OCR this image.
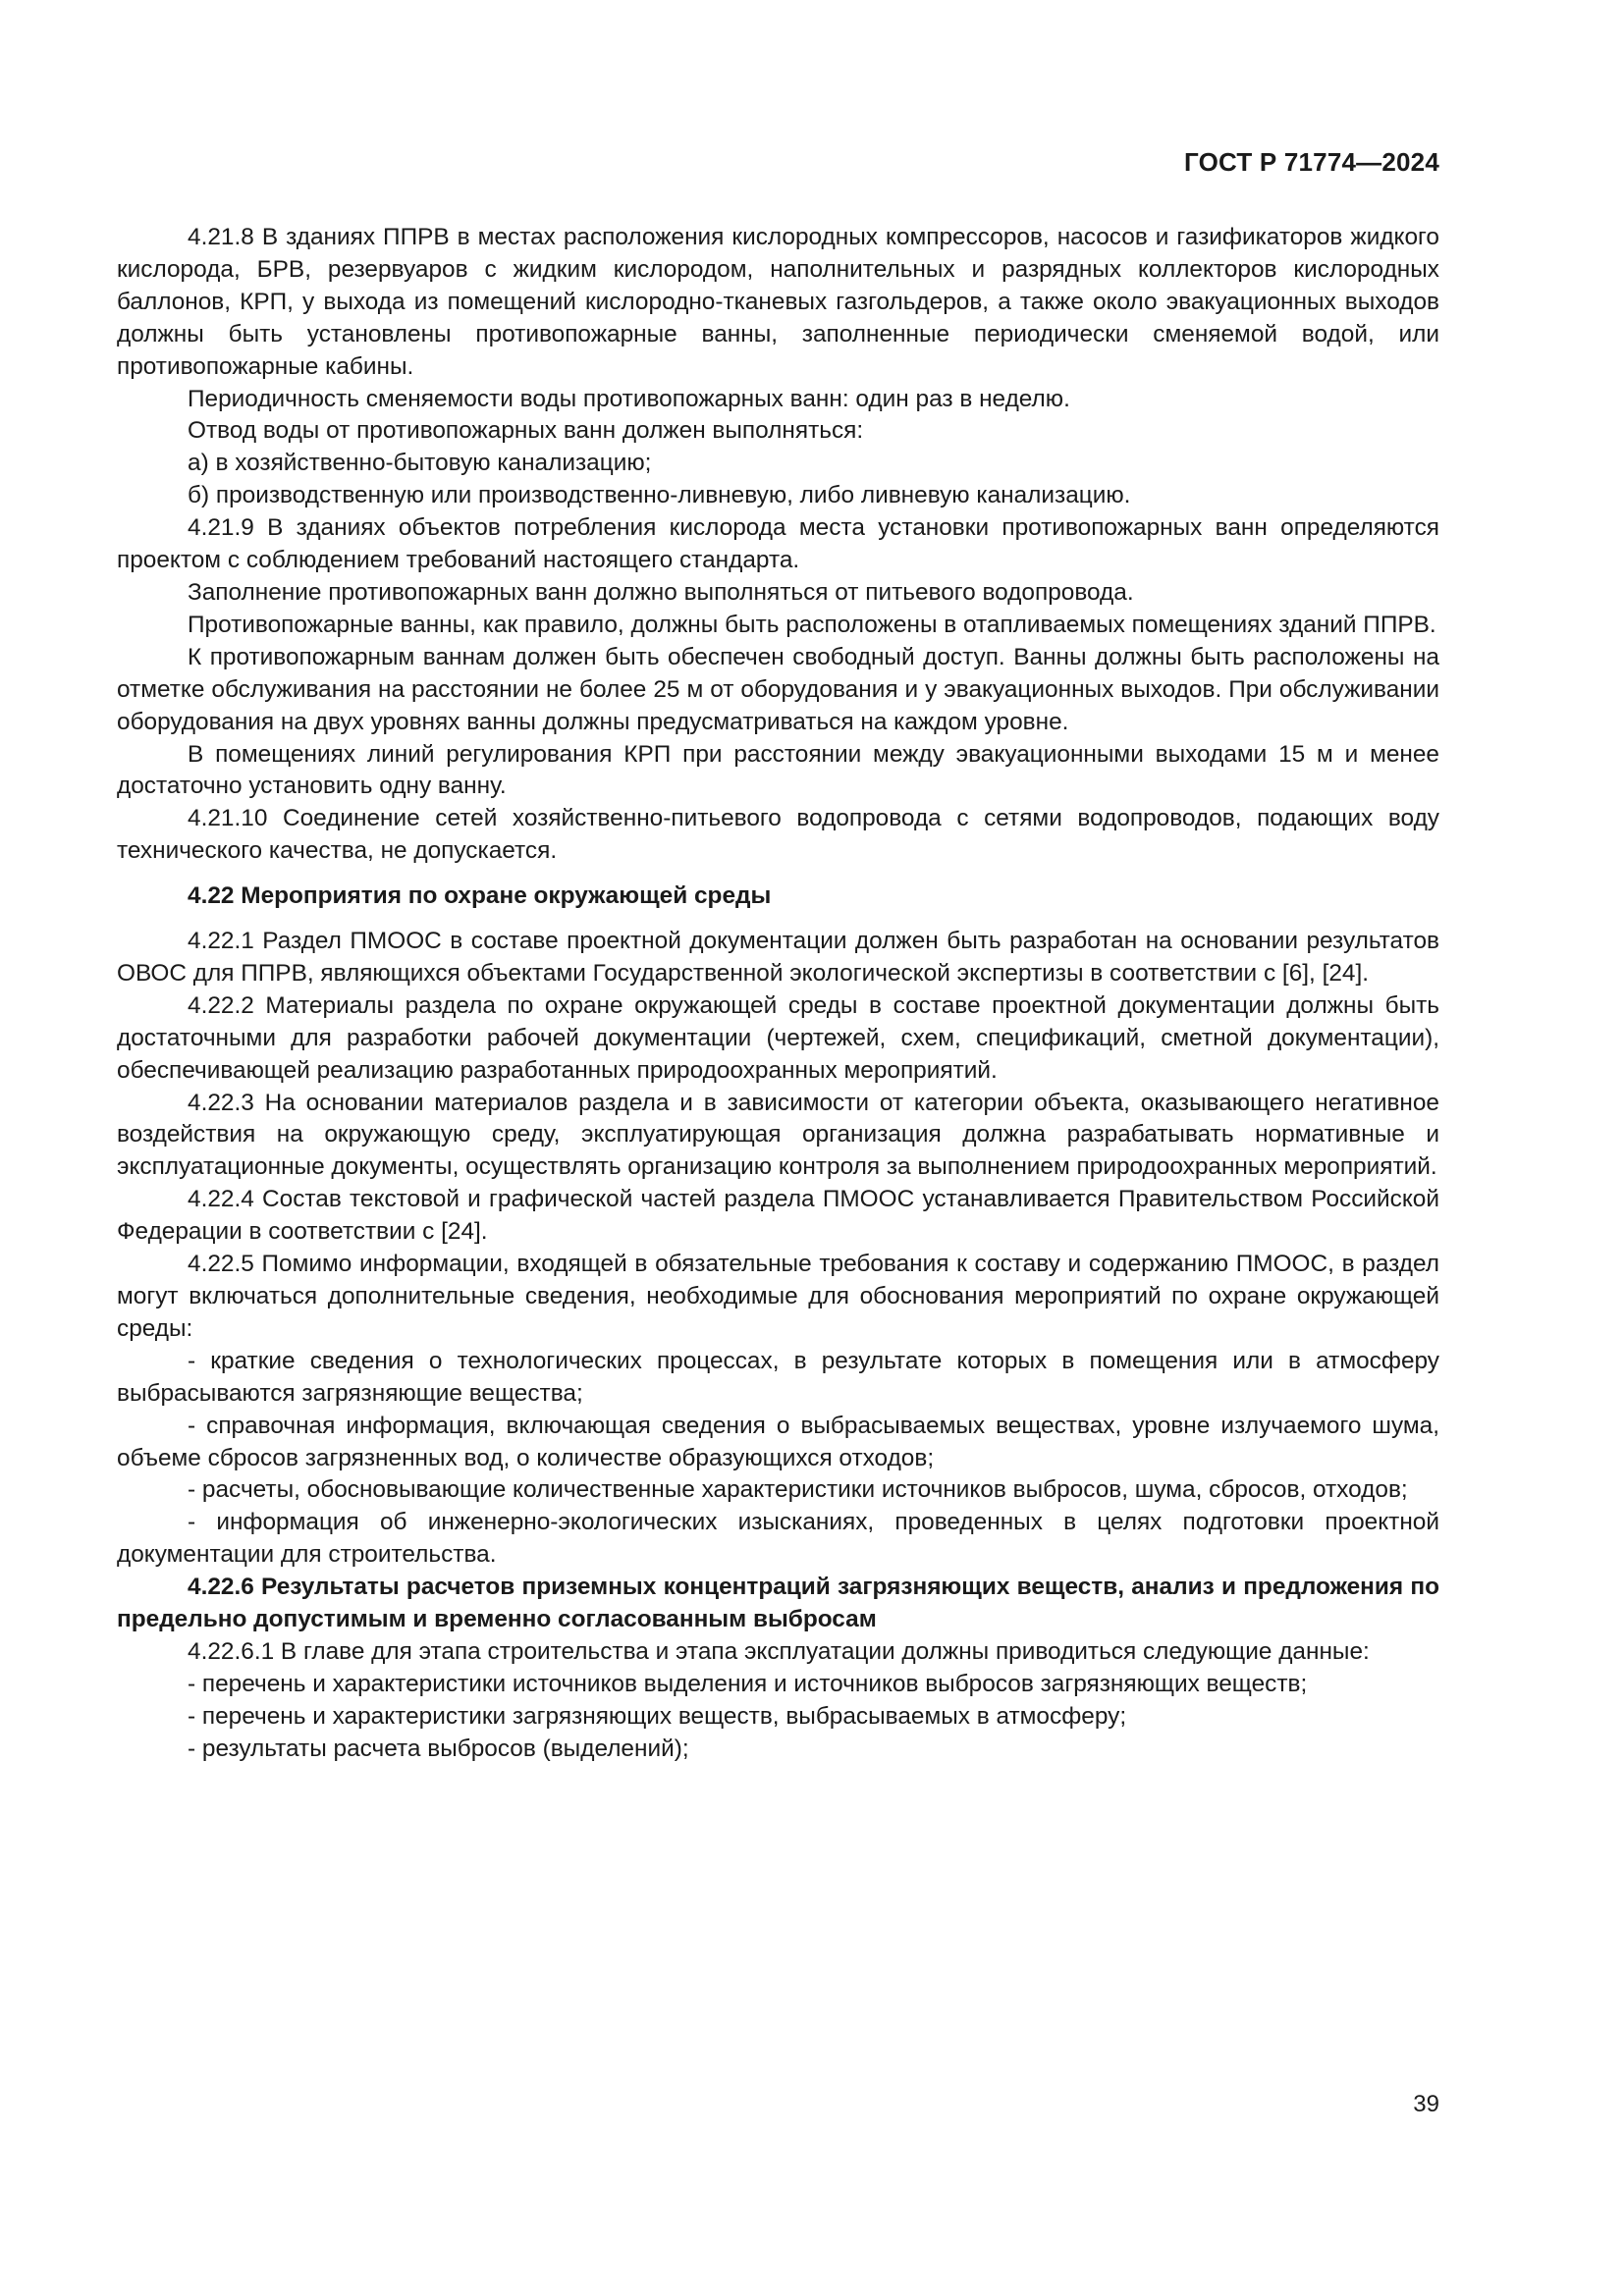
ГОСТ Р 71774—2024

4.21.8 В зданиях ППРВ в местах расположения кислородных компрессоров, насосов и газификаторов жидкого кислорода, БРВ, резервуаров с жидким кислородом, наполнительных и разрядных коллекторов кислородных баллонов, КРП, у выхода из помещений кислородно-тканевых газгольдеров, а также около эвакуационных выходов должны быть установлены противопожарные ванны, заполненные периодически сменяемой водой, или противопожарные кабины.

Периодичность сменяемости воды противопожарных ванн: один раз в неделю.

Отвод воды от противопожарных ванн должен выполняться:

а) в хозяйственно-бытовую канализацию;

б) производственную или производственно-ливневую, либо ливневую канализацию.

4.21.9 В зданиях объектов потребления кислорода места установки противопожарных ванн определяются проектом с соблюдением требований настоящего стандарта.

Заполнение противопожарных ванн должно выполняться от питьевого водопровода.

Противопожарные ванны, как правило, должны быть расположены в отапливаемых помещениях зданий ППРВ.

К противопожарным ваннам должен быть обеспечен свободный доступ. Ванны должны быть расположены на отметке обслуживания на расстоянии не более 25 м от оборудования и у эвакуационных выходов. При обслуживании оборудования на двух уровнях ванны должны предусматриваться на каждом уровне.

В помещениях линий регулирования КРП при расстоянии между эвакуационными выходами 15 м и менее достаточно установить одну ванну.

4.21.10 Соединение сетей хозяйственно-питьевого водопровода с сетями водопроводов, подающих воду технического качества, не допускается.

4.22 Мероприятия по охране окружающей среды

4.22.1 Раздел ПМООС в составе проектной документации должен быть разработан на основании результатов ОВОС для ППРВ, являющихся объектами Государственной экологической экспертизы в соответствии с [6], [24].

4.22.2 Материалы раздела по охране окружающей среды в составе проектной документации должны быть достаточными для разработки рабочей документации (чертежей, схем, спецификаций, сметной документации), обеспечивающей реализацию разработанных природоохранных мероприятий.

4.22.3 На основании материалов раздела и в зависимости от категории объекта, оказывающего негативное воздействия на окружающую среду, эксплуатирующая организация должна разрабатывать нормативные и эксплуатационные документы, осуществлять организацию контроля за выполнением природоохранных мероприятий.

4.22.4 Состав текстовой и графической частей раздела ПМООС устанавливается Правительством Российской Федерации в соответствии с [24].

4.22.5 Помимо информации, входящей в обязательные требования к составу и содержанию ПМООС, в раздел могут включаться дополнительные сведения, необходимые для обоснования мероприятий по охране окружающей среды:

- краткие сведения о технологических процессах, в результате которых в помещения или в атмосферу выбрасываются загрязняющие вещества;

- справочная информация, включающая сведения о выбрасываемых веществах, уровне излучаемого шума, объеме сбросов загрязненных вод, о количестве образующихся отходов;

- расчеты, обосновывающие количественные характеристики источников выбросов, шума, сбросов, отходов;

- информация об инженерно-экологических изысканиях, проведенных в целях подготовки проектной документации для строительства.

4.22.6 Результаты расчетов приземных концентраций загрязняющих веществ, анализ и предложения по предельно допустимым и временно согласованным выбросам

4.22.6.1 В главе для этапа строительства и этапа эксплуатации должны приводиться следующие данные:

- перечень и характеристики источников выделения и источников выбросов загрязняющих веществ;

- перечень и характеристики загрязняющих веществ, выбрасываемых в атмосферу;

- результаты расчета выбросов (выделений);

39
